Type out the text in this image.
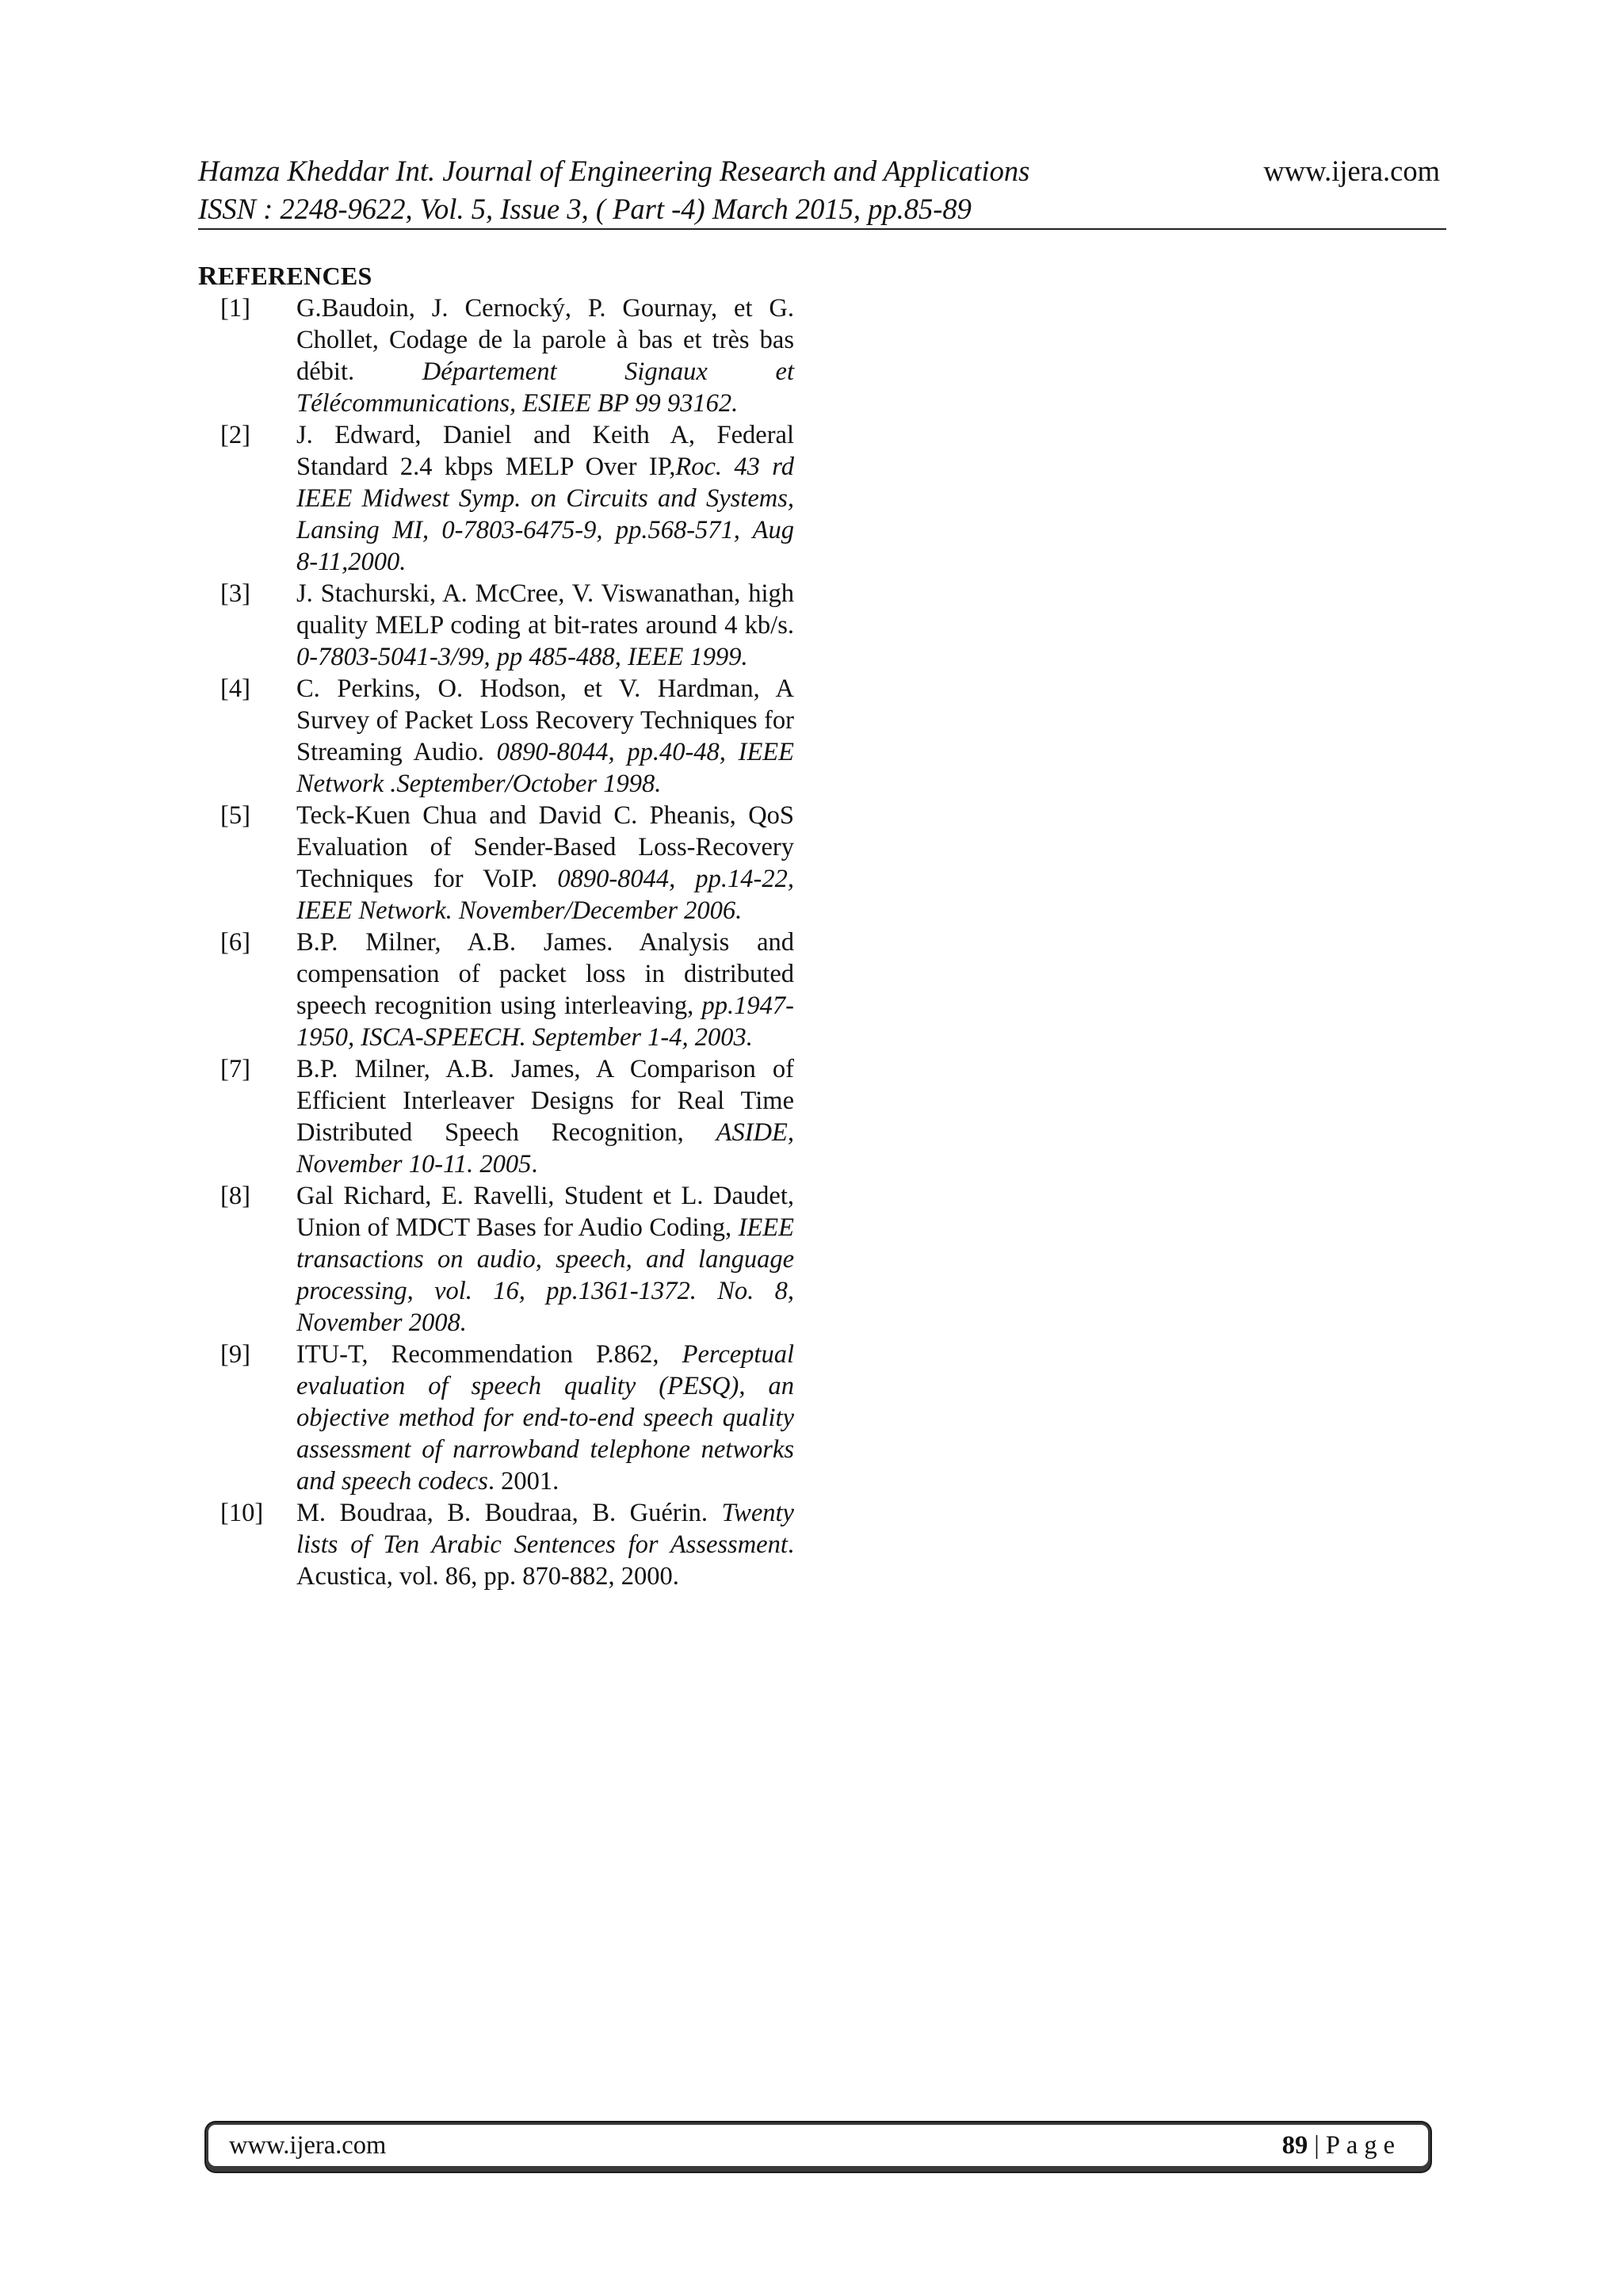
Hamza Kheddar Int. Journal of Engineering Research and Applications	www.ijera.com
ISSN : 2248-9622, Vol. 5, Issue 3, ( Part -4) March 2015, pp.85-89
REFERENCES
[1] G.Baudoin, J. Cernocký, P. Gournay, et G. Chollet, Codage de la parole à bas et très bas débit. Département Signaux et Télécommunications, ESIEE BP 99 93162.
[2] J. Edward, Daniel and Keith A, Federal Standard 2.4 kbps MELP Over IP,Roc. 43 rd IEEE Midwest Symp. on Circuits and Systems, Lansing MI, 0-7803-6475-9, pp.568-571, Aug 8-11,2000.
[3] J. Stachurski, A. McCree, V. Viswanathan, high quality MELP coding at bit-rates around 4 kb/s. 0-7803-5041-3/99, pp 485-488, IEEE 1999.
[4] C. Perkins, O. Hodson, et V. Hardman, A Survey of Packet Loss Recovery Techniques for Streaming Audio. 0890-8044, pp.40-48, IEEE Network .September/October 1998.
[5] Teck-Kuen Chua and David C. Pheanis, QoS Evaluation of Sender-Based Loss-Recovery Techniques for VoIP. 0890-8044, pp.14-22, IEEE Network. November/December 2006.
[6] B.P. Milner, A.B. James. Analysis and compensation of packet loss in distributed speech recognition using interleaving, pp.1947- 1950, ISCA-SPEECH. September 1-4, 2003.
[7] B.P. Milner, A.B. James, A Comparison of Efficient Interleaver Designs for Real Time Distributed Speech Recognition, ASIDE, November 10-11. 2005.
[8] Gal Richard, E. Ravelli, Student et L. Daudet, Union of MDCT Bases for Audio Coding, IEEE transactions on audio, speech, and language processing, vol. 16, pp.1361-1372. No. 8, November 2008.
[9] ITU-T, Recommendation P.862, Perceptual evaluation of speech quality (PESQ), an objective method for end-to-end speech quality assessment of narrowband telephone networks and speech codecs. 2001.
[10] M. Boudraa, B. Boudraa, B. Guérin. Twenty lists of Ten Arabic Sentences for Assessment. Acustica, vol. 86, pp. 870-882, 2000.
www.ijera.com	89 | Page
